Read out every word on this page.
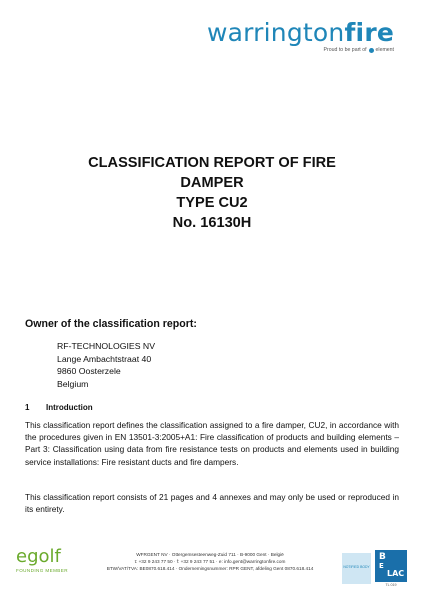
warringtonfire
Proud to be part of element
CLASSIFICATION REPORT OF FIRE
DAMPER
TYPE CU2
No. 16130H
Owner of the classification report:
RF-TECHNOLOGIES NV
Lange Ambachtstraat 40
9860 Oosterzele
Belgium
1 Introduction
This classification report defines the classification assigned to a fire damper, CU2, in accordance with the procedures given in EN 13501-3:2005+A1: Fire classification of products and building elements – Part 3: Classification using data from fire resistance tests on products and elements used in building service installations: Fire resistant ducts and fire dampers.
This classification report consists of 21 pages and 4 annexes and may only be used or reproduced in its entirety.
egolf
FOUNDING MEMBER
WFRGENT NV · Ottergemsesteenweg-Zuid 711 · B-9000 Gent · België
t: +32 9 243 77 50 · f: +32 9 243 77 51 · e: info.gent@warringtonfire.com
BTW/VAT/TVA: BE0870.618.414 · Ondernemingsnummer: RPR GENT, afdeling Gent 0870.618.414	NOTIFIED BODY
B
E
LAC
TL 019
